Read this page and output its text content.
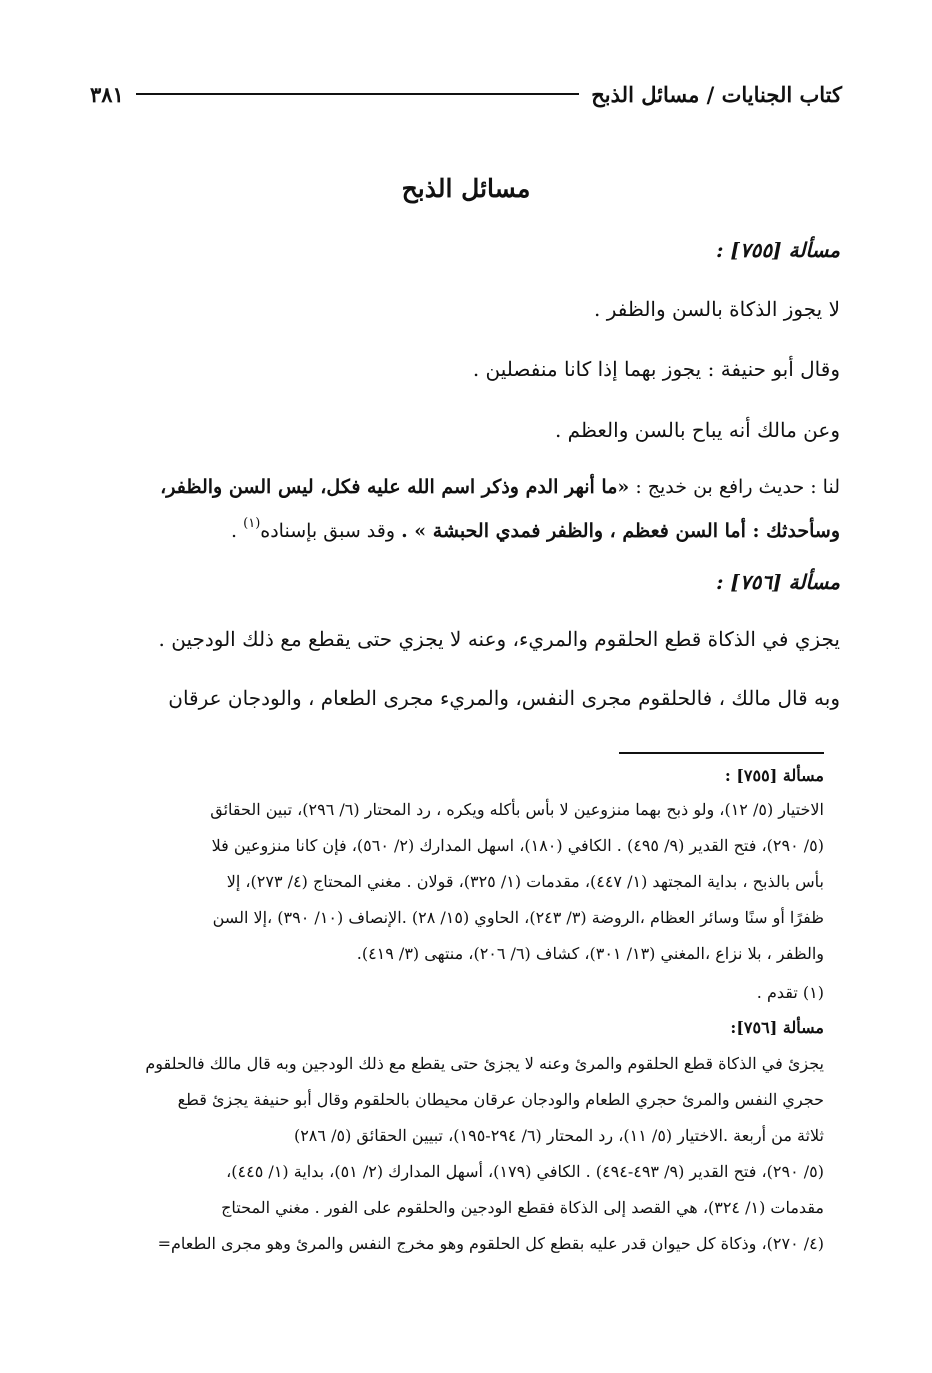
كتاب الجنايات / مسائل الذبح
٣٨١
مسائل الذبح
مسألة [٧٥٥] :
لا يجوز الذكاة بالسن والظفر .
وقال أبو حنيفة : يجوز بهما إذا كانا منفصلين .
وعن مالك أنه يباح بالسن والعظم .
لنا : حديث رافع بن خديج : «ما أنهر الدم وذكر اسم الله عليه فكل، ليس السن والظفر،
وسأحدثك : أما السن فعظم ، والظفر فمدي الحبشة » . وقد سبق بإسناده$^{(١)}$ .
مسألة [٧٥٦] :
يجزي في الذكاة قطع الحلقوم والمريء، وعنه لا يجزي حتى يقطع مع ذلك الودجين .
وبه قال مالك ، فالحلقوم مجرى النفس، والمريء مجرى الطعام ، والودجان عرقان
مسألة [٧٥٥] :
الاختيار (٥/ ١٢)، ولو ذبح بهما منزوعين لا بأس بأكله ويكره ، رد المحتار (٦/ ٢٩٦)، تبين الحقائق
(٥/ ٢٩٠)، فتح القدير (٩/ ٤٩٥) . الكافي (١٨٠)، اسهل المدارك (٢/ ٥٦٠)، فإن كانا منزوعين فلا
بأس بالذبح ، بداية المجتهد (١/ ٤٤٧)، مقدمات (١/ ٣٢٥)، قولان . مغني المحتاج (٤/ ٢٧٣)، إلا
ظفرًا أو سنًا وسائر العظام ،الروضة (٣/ ٢٤٣)، الحاوي (١٥/ ٢٨) .الإنصاف (١٠/ ٣٩٠) ،إلا السن
والظفر ، بلا نزاع ،المغني (١٣/ ٣٠١)، كشاف (٦/ ٢٠٦)، منتهى (٣/ ٤١٩).
(١) تقدم .
مسألة [٧٥٦]:
يجزئ في الذكاة قطع الحلقوم والمرئ وعنه لا يجزئ حتى يقطع مع ذلك الودجين وبه قال مالك فالحلقوم
حجري النفس والمرئ حجري الطعام والودجان عرقان محيطان بالحلقوم وقال أبو حنيفة يجزئ قطع
ثلاثة من أربعة .الاختيار (٥/ ١١)، رد المحتار (٦/ ٢٩٤-١٩٥)، تبيين الحقائق (٥/ ٢٨٦)
(٥/ ٢٩٠)، فتح القدير (٩/ ٤٩٣-٤٩٤) . الكافي (١٧٩)، أسهل المدارك (٢/ ٥١)، بداية (١/ ٤٤٥)،
مقدمات (١/ ٣٢٤)، هي القصد إلى الذكاة فقطع الودجين والحلقوم على الفور . مغني المحتاج
(٤/ ٢٧٠)، وذكاة كل حيوان قدر عليه بقطع كل الحلقوم وهو مخرج النفس والمرئ وهو مجرى الطعام=
